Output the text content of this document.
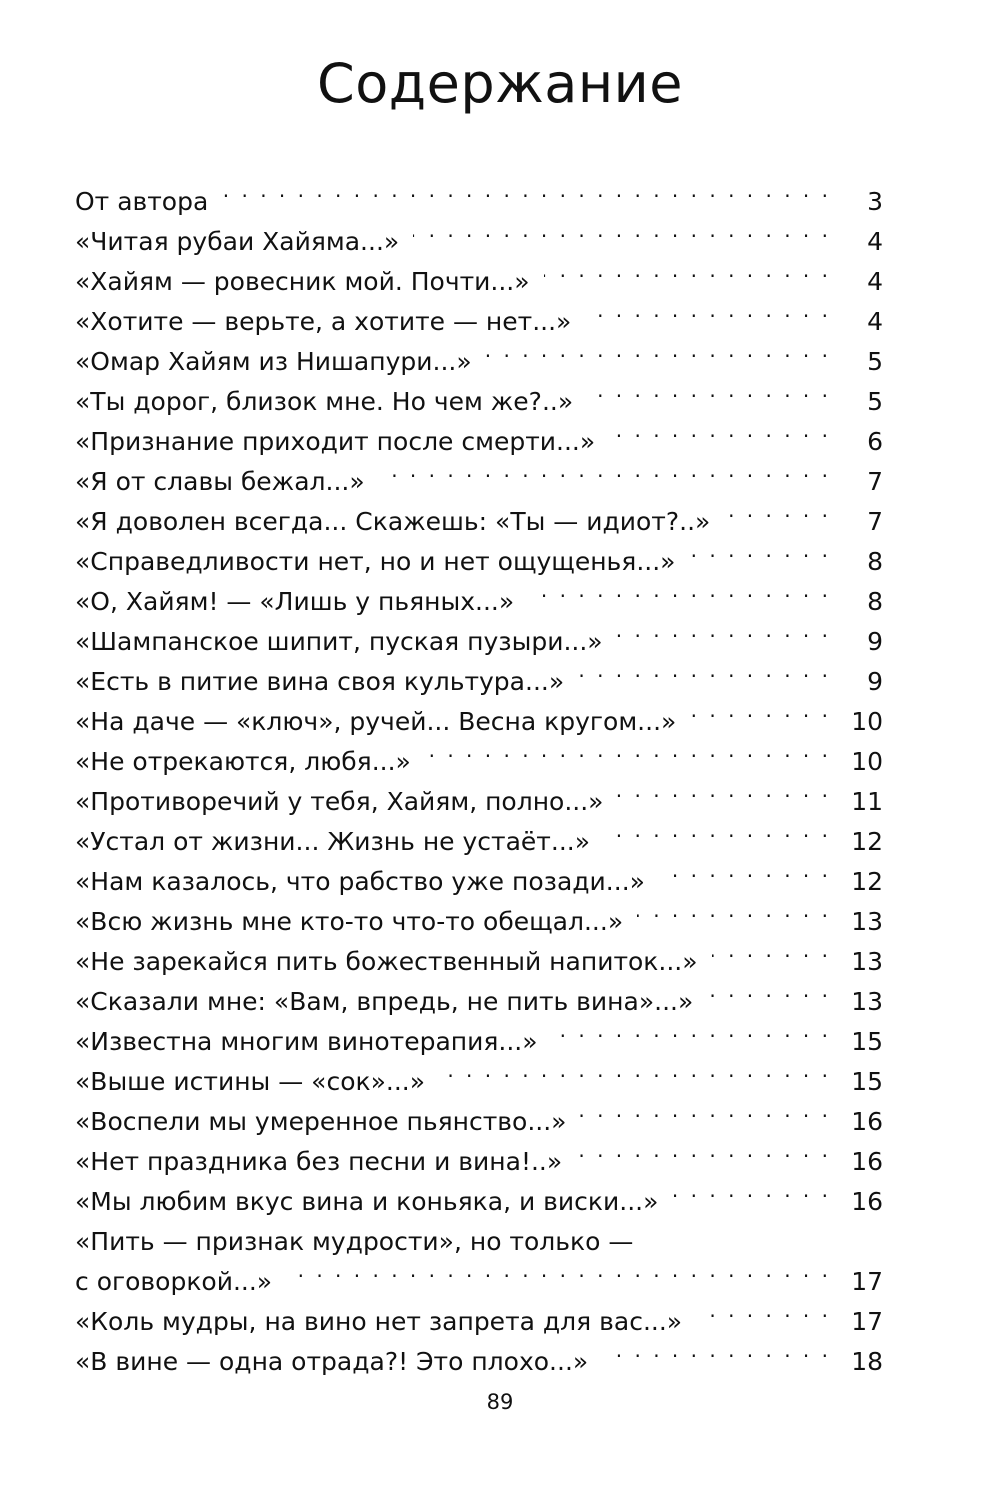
Содержание
От автора . . .	3
«Читая рубаи Хайяма...» . . .	4
«Хайям — ровесник мой. Почти...» . . .	4
«Хотите — верьте, а хотите — нет...» . . .	4
«Омар Хайям из Нишапури...» . . .	5
«Ты дорог, близок мне. Но чем же?..» . . .	5
«Признание приходит после смерти...» . . .	6
«Я от славы бежал...» . . .	7
«Я доволен всегда... Скажешь: «Ты — идиот?..» . . .	7
«Справедливости нет, но и нет ощущенья...» . . .	8
«О, Хайям! — «Лишь у пьяных...» . . .	8
«Шампанское шипит, пуская пузыри...» . . .	9
«Есть в питие вина своя культура...» . . .	9
«На даче — «ключ», ручей... Весна кругом...» . . .	10
«Не отрекаются, любя...» . . .	10
«Противоречий у тебя, Хайям, полно...» . . .	11
«Устал от жизни... Жизнь не устаёт...» . . .	12
«Нам казалось, что рабство уже позади...» . . .	12
«Всю жизнь мне кто-то что-то обещал...» . . .	13
«Не зарекайся пить божественный напиток...» . . .	13
«Сказали мне: «Вам, впредь, не пить вина»...» . . .	13
«Известна многим винотерапия...» . . .	15
«Выше истины — «сок»...» . . .	15
«Воспели мы умеренное пьянство...» . . .	16
«Нет праздника без песни и вина!..» . . .	16
«Мы любим вкус вина и коньяка, и виски...» . . .	16
«Пить — признак мудрости», но только —
с оговоркой...» . . .	17
«Коль мудры, на вино нет запрета для вас...» . . .	17
«В вине — одна отрада?! Это плохо...» . . .	18
89
